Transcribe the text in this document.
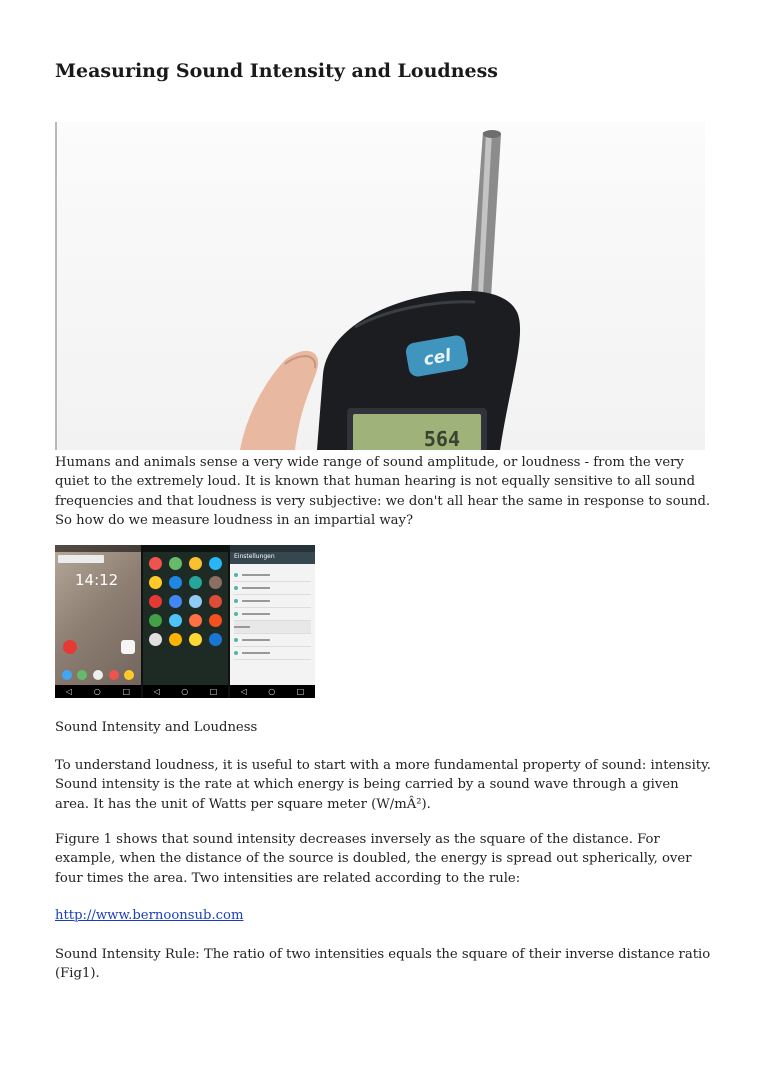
Measuring Sound Intensity and Loudness
cel
564

Humans and animals sense a very wide range of sound amplitude, or loudness - from the very quiet to the extremely loud. It is known that human hearing is not equally sensitive to all sound frequencies and that loudness is very subjective: we don't all hear the same in response to sound. So how do we measure loudness in an impartial way?

14:12
◁	○	□	◁	○	□
Einstellungen
◁	○	□

Sound Intensity and Loudness

To understand loudness, it is useful to start with a more fundamental property of sound: intensity. Sound intensity is the rate at which energy is being carried by a sound wave through a given area. It has the unit of Watts per square meter (W/mÂ²).

Figure 1 shows that sound intensity decreases inversely as the square of the distance. For example, when the distance of the source is doubled, the energy is spread out spherically, over four times the area. Two intensities are related according to the rule:

http://www.bernoonsub.com

Sound Intensity Rule: The ratio of two intensities equals the square of their inverse distance ratio (Fig1).
